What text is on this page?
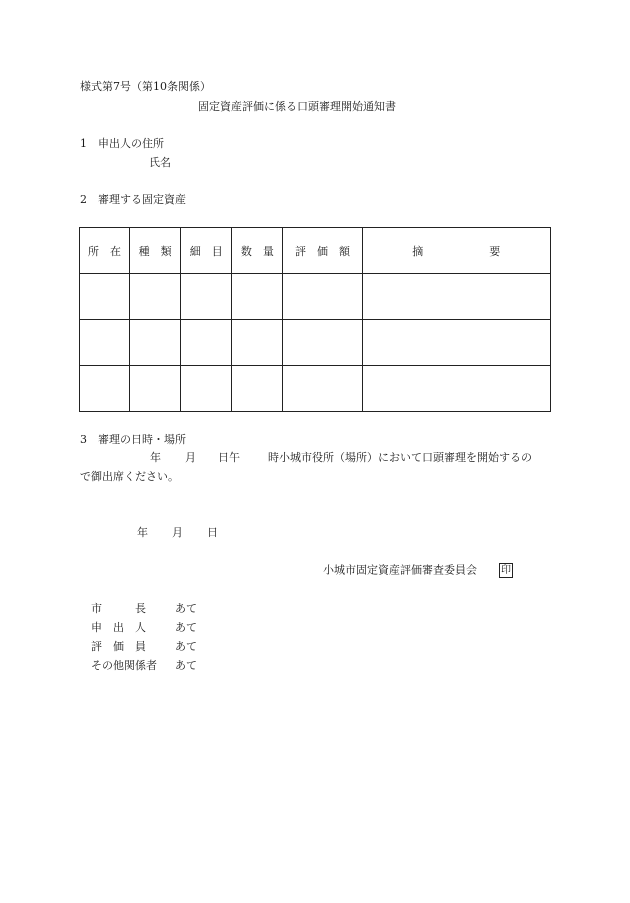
様式第7号（第10条関係）
固定資産評価に係る口頭審理開始通知書
1　申出人の住所
氏名
2　審理する固定資産
所　在	種　類	細　目	数　量	評　価　額	摘　　　　　　要

3　審理の日時・場所
年 月 日午	時小城市役所（場所）において口頭審理を開始するの
で御出席ください。
年 月 日
小城市固定資産評価審査委員会 印
市　　　長	あて
申　出　人	あて
評　価　員	あて
その他関係者	あて
